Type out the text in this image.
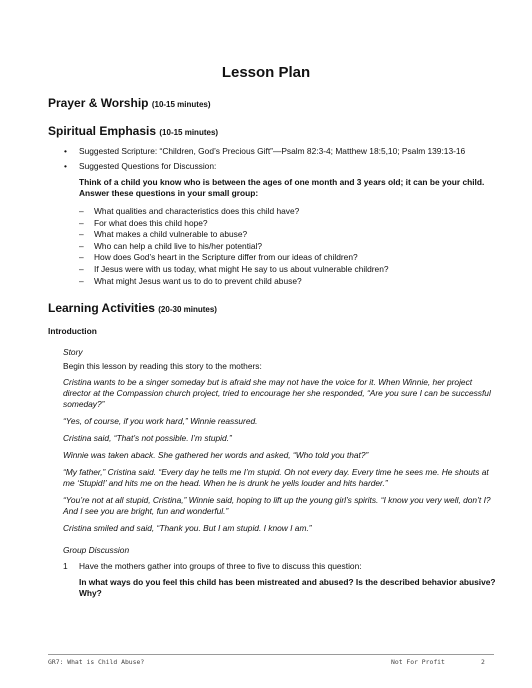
Lesson Plan
Prayer & Worship (10-15 minutes)
Spiritual Emphasis (10-15 minutes)
• Suggested Scripture: “Children, God’s Precious Gift”—Psalm 82:3-4; Matthew 18:5,10; Psalm 139:13-16
• Suggested Questions for Discussion:
Think of a child you know who is between the ages of one month and 3 years old; it can be your child. Answer these questions in your small group:
– What qualities and characteristics does this child have?
– For what does this child hope?
– What makes a child vulnerable to abuse?
– Who can help a child live to his/her potential?
– How does God’s heart in the Scripture differ from our ideas of children?
– If Jesus were with us today, what might He say to us about vulnerable children?
– What might Jesus want us to do to prevent child abuse?
Learning Activities (20-30 minutes)
Introduction
Story
Begin this lesson by reading this story to the mothers:
Cristina wants to be a singer someday but is afraid she may not have the voice for it. When Winnie, her project director at the Compassion church project, tried to encourage her she responded, “Are you sure I can be successful someday?”
“Yes, of course, if you work hard,” Winnie reassured.
Cristina said, “That’s not possible. I’m stupid.”
Winnie was taken aback. She gathered her words and asked, “Who told you that?”
“My father,” Cristina said. “Every day he tells me I’m stupid. Oh not every day. Every time he sees me. He shouts at me ‘Stupid!’ and hits me on the head. When he is drunk he yells louder and hits harder.”
“You’re not at all stupid, Cristina,” Winnie said, hoping to lift up the young girl’s spirits. “I know you very well, don’t I? And I see you are bright, fun and wonderful.”
Cristina smiled and said, “Thank you. But I am stupid. I know I am.”
Group Discussion
1 Have the mothers gather into groups of three to five to discuss this question:
In what ways do you feel this child has been mistreated and abused? Is the described behavior abusive? Why?
GR7: What is Child Abuse?	Not For Profit	2
